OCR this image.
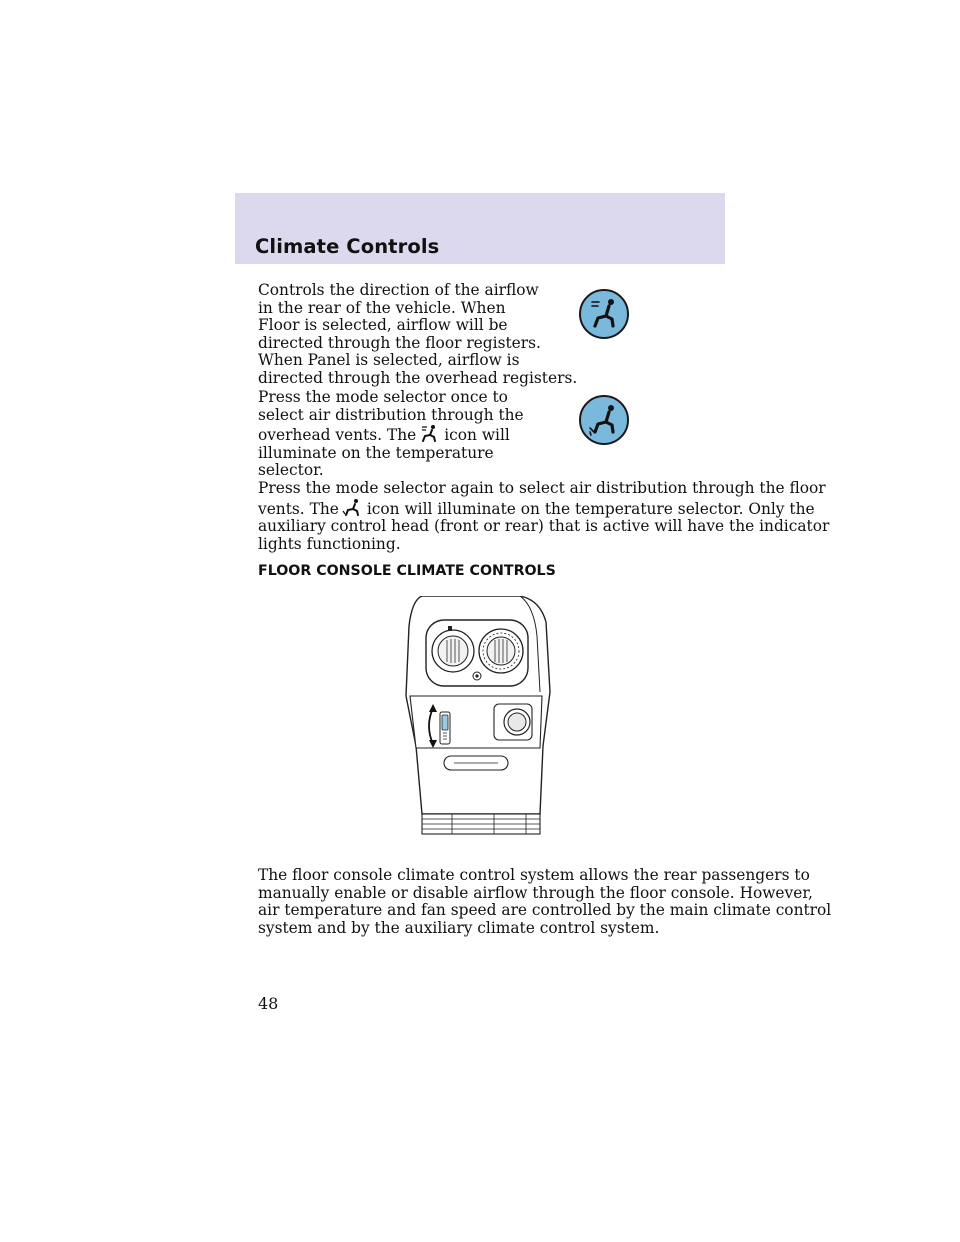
Climate Controls

Controls the direction of the airflow
in the rear of the vehicle. When
Floor is selected, airflow will be
directed through the floor registers.
When Panel is selected, airflow is
directed through the overhead registers.

Press the mode selector once to
select air distribution through the
overhead vents. The icon will
illuminate on the temperature
selector.

Press the mode selector again to select air distribution through the floor
vents. The icon will illuminate on the temperature selector. Only the
auxiliary control head (front or rear) that is active will have the indicator
lights functioning.

FLOOR CONSOLE CLIMATE CONTROLS

The floor console climate control system allows the rear passengers to
manually enable or disable airflow through the floor console. However,
air temperature and fan speed are controlled by the main climate control
system and by the auxiliary climate control system.

48
